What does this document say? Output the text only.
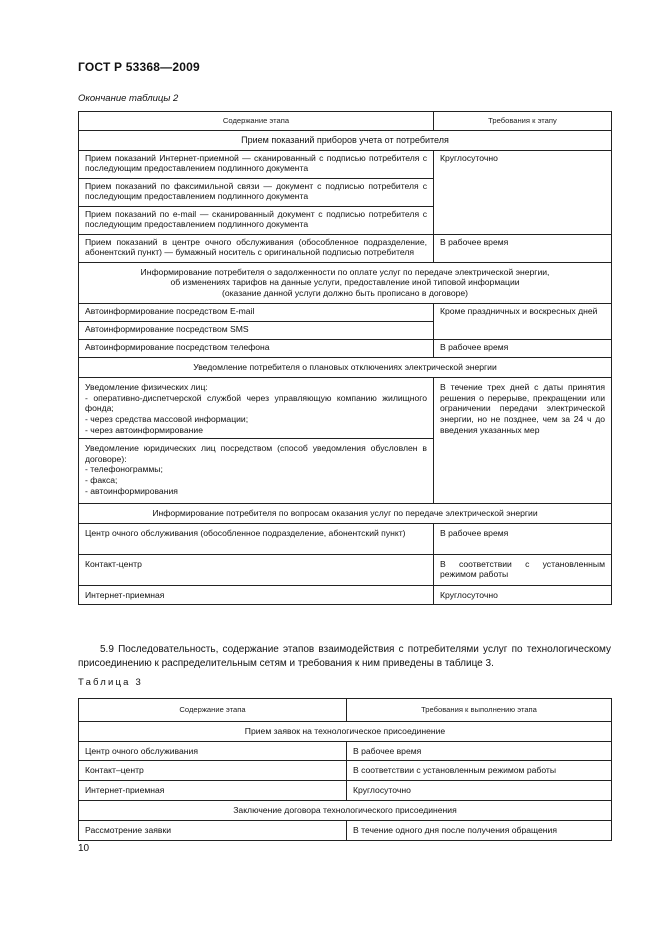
ГОСТ Р 53368—2009
Окончание таблицы 2
Содержание этапа	Требования к этапу
Прием показаний приборов учета от потребителя	
Прием показаний Интернет-приемной — сканированный с подписью потребителя с последующим предоставлением подлинного документа	Круглосуточно
Прием показаний по факсимильной связи — документ с подписью потребителя с последующим предоставлением подлинного документа	
Прием показаний по e-mail — сканированный документ с подписью потребителя с последующим предоставлением подлинного документа	
Прием показаний в центре очного обслуживания (обособленное подразделение, абонентский пункт) — бумажный носитель с оригинальной подписью потребителя	В рабочее время

Информирование потребителя о задолженности по оплате услуг по передаче электрической энергии,
об изменениях тарифов на данные услуги, предоставление иной типовой информации
(оказание данной услуги должно быть прописано в договоре)	

Автоинформирование посредством E-mail	Кроме праздничных и воскресных дней
Автоинформирование посредством SMS	
Автоинформирование посредством телефона	В рабочее время
Уведомление потребителя о плановых отключениях электрической энергии	

Уведомление физических лиц:
- оперативно-диспетчерской службой через управляющую компанию жилищного фонда;
- через средства массовой информации;
- через автоинформирование	В течение трех дней с даты принятия решения о перерыве, прекращении или ограничении передачи электрической энергии, но не позднее, чем за 24 ч до введения указанных мер

Уведомление юридических лиц посредством (способ уведомления обусловлен в договоре):
- телефонограммы;
- факса;
- автоинформирования	

Информирование потребителя по вопросам оказания услуг по передаче электрической энергии	
Центр очного обслуживания (обособленное подразделение, абонентский пункт)	В рабочее время
Контакт-центр	В соответствии с установленным режимом работы
Интернет-приемная	Круглосуточно
5.9 Последовательность, содержание этапов взаимодействия с потребителями услуг по технологическому присоединению к распределительным сетям и требования к ним приведены в таблице 3.
Таблица 3
Содержание этапа	Требования к выполнению этапа
Прием заявок на технологическое присоединение	
Центр очного обслуживания	В рабочее время
Контакт–центр	В соответствии с установленным режимом работы
Интернет-приемная	Круглосуточно
Заключение договора технологического присоединения	
Рассмотрение заявки	В течение одного дня после получения обращения
10
